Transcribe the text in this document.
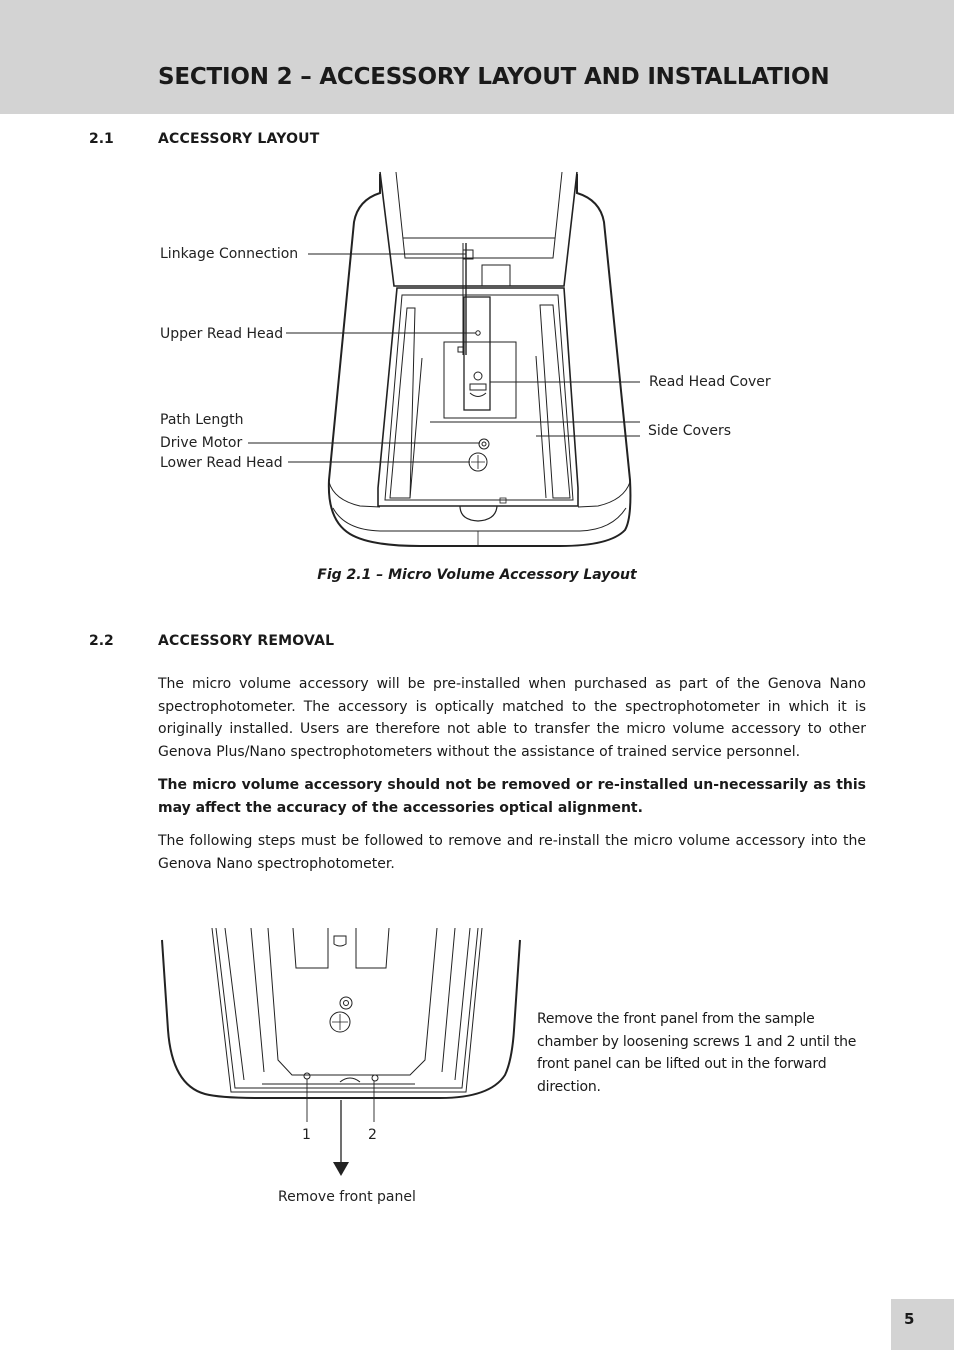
SECTION 2 – ACCESSORY LAYOUT AND INSTALLATION
2.1	ACCESSORY LAYOUT
Linkage Connection
Upper Read Head
Path Length
Drive Motor
Lower Read Head
Read Head Cover
Side Covers
Fig 2.1 – Micro Volume Accessory Layout
2.2	ACCESSORY REMOVAL

The micro volume accessory will be pre-installed when purchased as part of the Genova Nano spectrophotometer. The accessory is optically matched to the spectrophotometer in which it is originally installed. Users are therefore not able to transfer the micro volume accessory to other Genova Plus/Nano spectrophotometers without the assistance of trained service personnel.

The micro volume accessory should not be removed or re-installed un-necessarily as this may affect the accuracy of the accessories optical alignment.

The following steps must be followed to remove and re-install the micro volume accessory into the Genova Nano spectrophotometer.

1	2
Remove front panel

Remove the front panel from the sample chamber by loosening screws 1 and 2 until the front panel can be lifted out in the forward direction.

5
